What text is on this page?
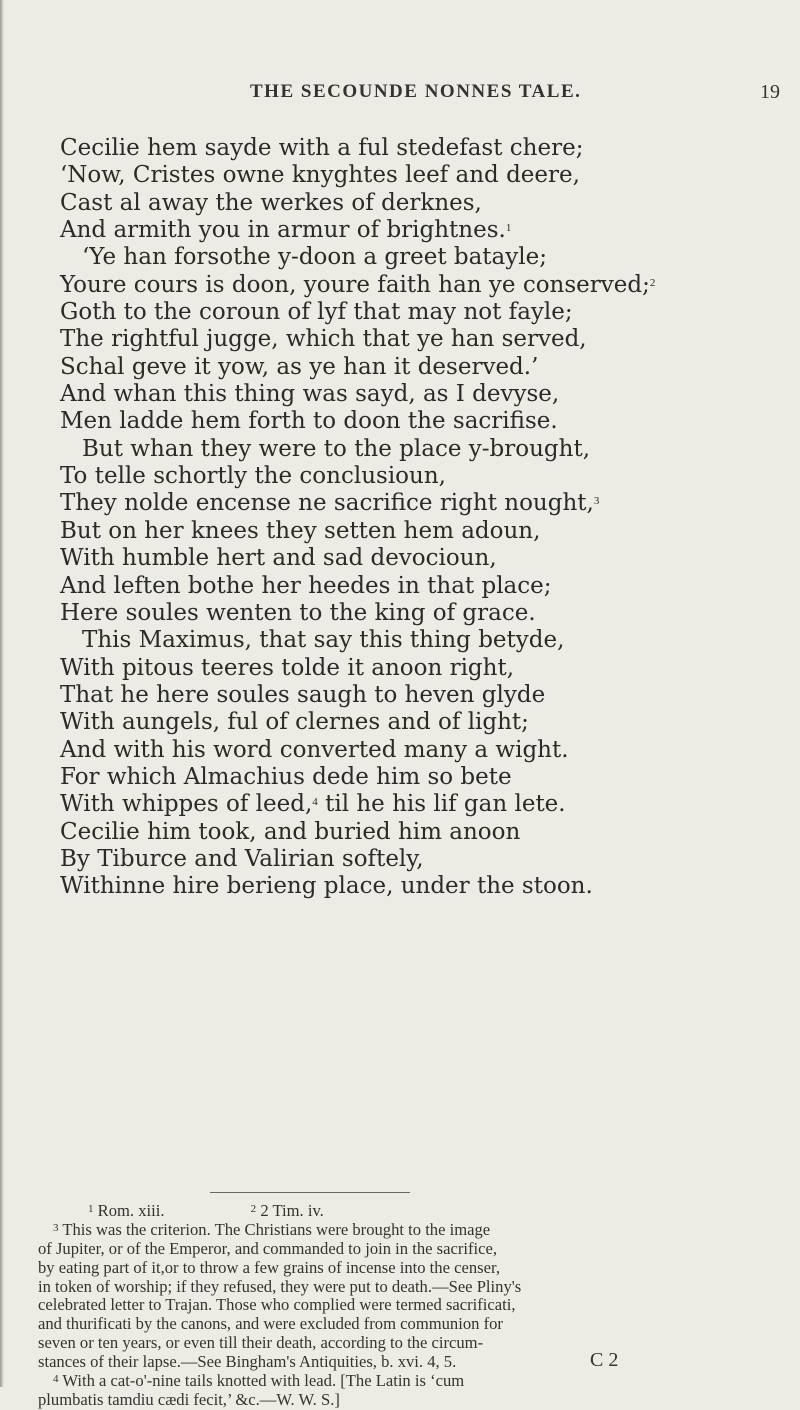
THE SECOUNDE NONNES TALE.	19
Cecilie hem sayde with a ful stedefast chere;
‘Now, Cristes owne knyghtes leef and deere,
Cast al away the werkes of derknes,
And armith you in armur of brightnes.$^1$
‘Ye han forsothe y-doon a greet batayle;
Youre cours is doon, youre faith han ye conserved;$^2$
Goth to the coroun of lyf that may not fayle;
The rightful jugge, which that ye han served,
Schal geve it yow, as ye han it deserved.’
And whan this thing was sayd, as I devyse,
Men ladde hem forth to doon the sacrifise.
But whan they were to the place y-brought,
To telle schortly the conclusioun,
They nolde encense ne sacrifice right nought,$^3$
But on her knees they setten hem adoun,
With humble hert and sad devocioun,
And leften bothe her heedes in that place;
Here soules wenten to the king of grace.
This Maximus, that say this thing betyde,
With pitous teeres tolde it anoon right,
That he here soules saugh to heven glyde
With aungels, ful of clernes and of light;
And with his word converted many a wight.
For which Almachius dede him so bete
With whippes of leed,$^4$ til he his lif gan lete.
Cecilie him took, and buried him anoon
By Tiburce and Valirian softely,
Withinne hire berieng place, under the stoon.
$^1$ Rom. xiii.	$^2$ 2 Tim. iv.
$^3$ This was the criterion. The Christians were brought to the image
of Jupiter, or of the Emperor, and commanded to join in the sacrifice,
by eating part of it,or to throw a few grains of incense into the censer,
in token of worship; if they refused, they were put to death.—See Pliny's
celebrated letter to Trajan. Those who complied were termed sacrificati,
and thurificati by the canons, and were excluded from communion for
seven or ten years, or even till their death, according to the circum-
stances of their lapse.—See Bingham's Antiquities, b. xvi. 4, 5.
$^4$ With a cat-o'-nine tails knotted with lead. [The Latin is ‘cum
plumbatis tamdiu cædi fecit,’ &c.—W. W. S.]
C 2
